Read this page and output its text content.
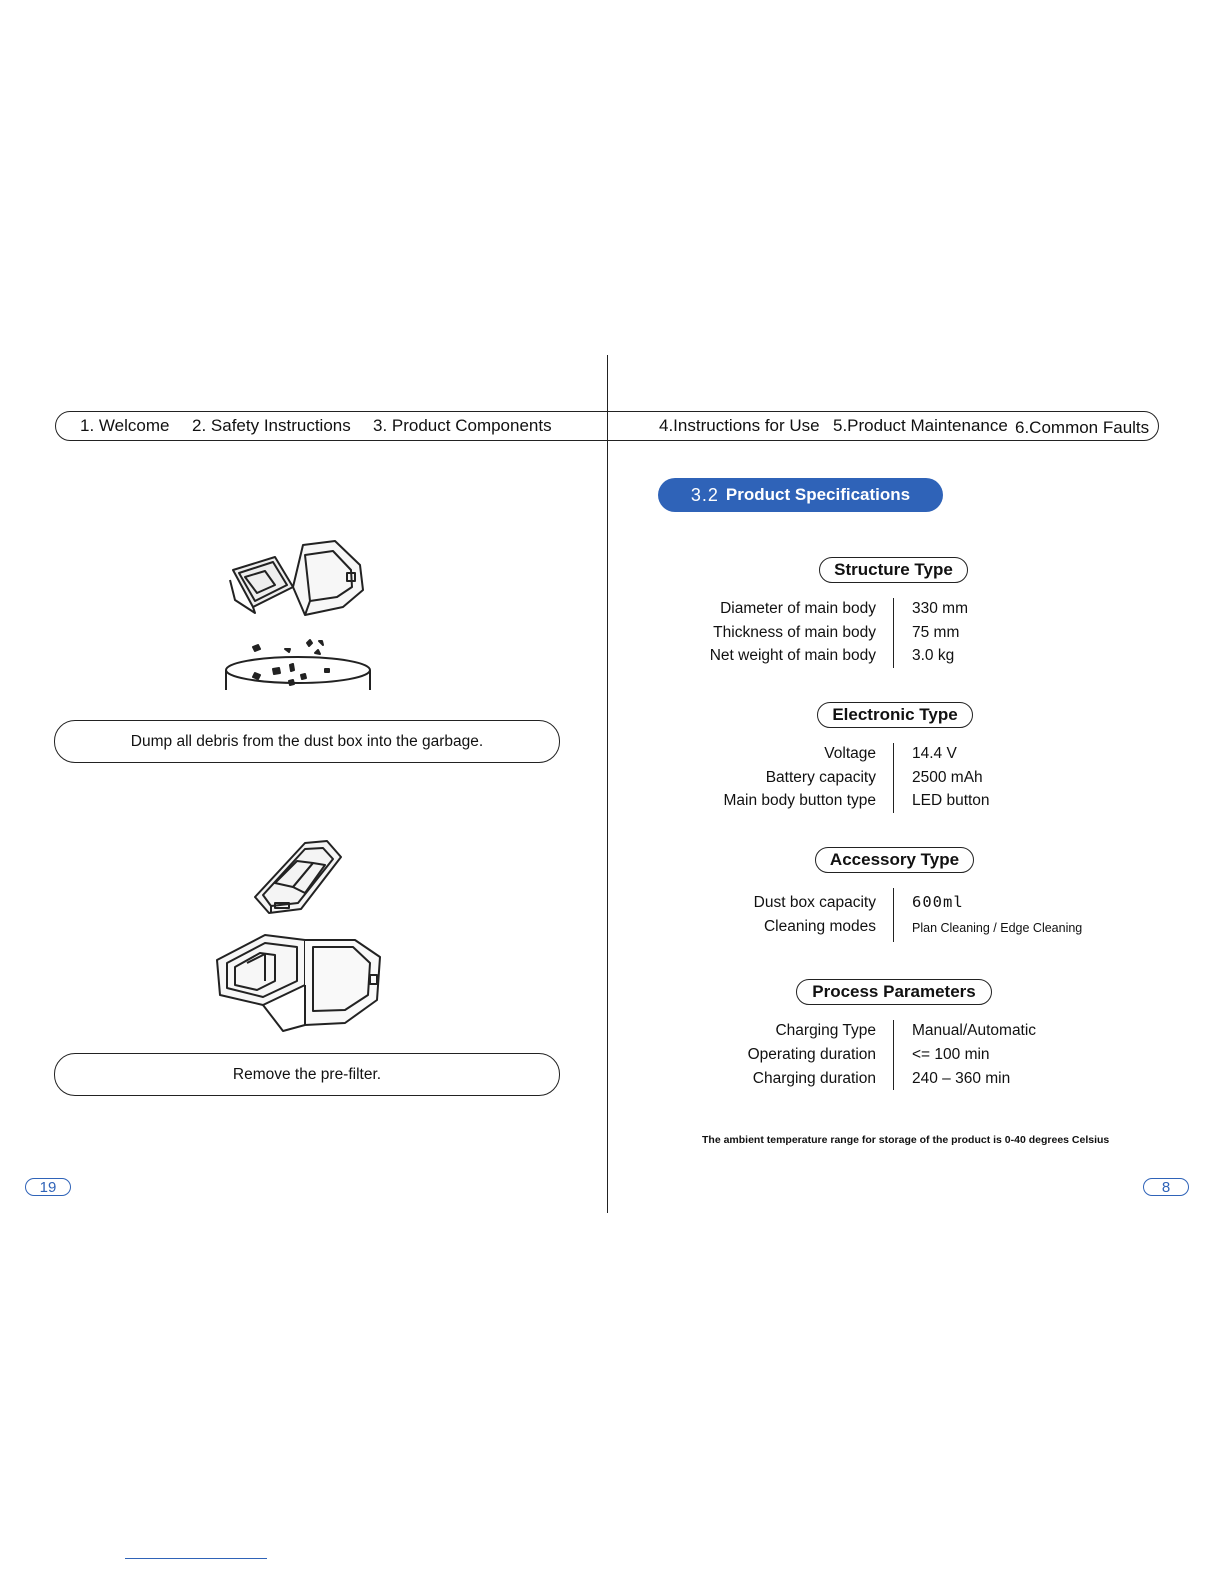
1. Welcome 2. Safety Instructions 3. Product Components	4.Instructions for Use 5.Product Maintenance 6.Common Faults
Dump all debris from the dust box into the garbage.
Remove the pre-filter.
19
3.2 Product Specifications
Structure Type
Diameter of main body 330 mm
Thickness of main body 75 mm
Net weight of main body 3.0 kg
Electronic Type
Voltage 14.4 V
Battery capacity 2500 mAh
Main body button type LED button
Accessory Type
Dust box capacity 600ml
Cleaning modes	Plan Cleaning / Edge Cleaning
Process Parameters
Charging Type Manual/Automatic
Operating duration <= 100 min
Charging duration 240 – 360 min
The ambient temperature range for storage of the product is 0-40 degrees Celsius
8
